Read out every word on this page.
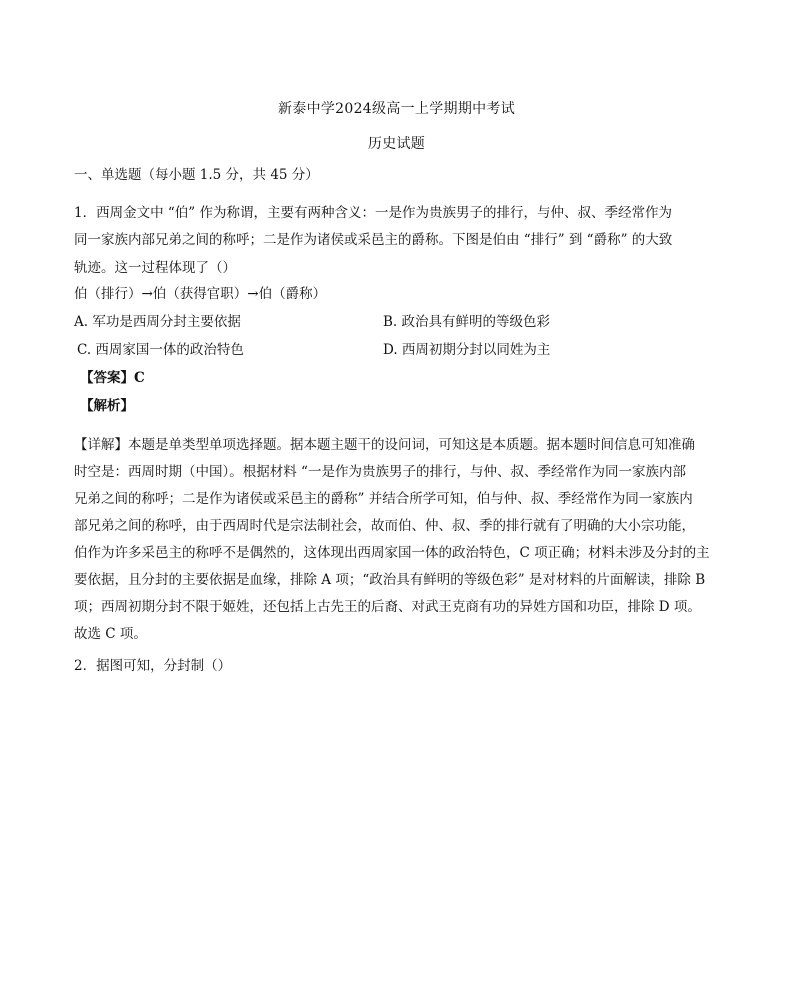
新泰中学2024级高一上学期期中考试
历史试题
一、单选题（每小题 1.5 分，共 45 分）
1．西周金文中 “伯” 作为称谓，主要有两种含义：一是作为贵族男子的排行，与仲、叔、季经常作为
同一家族内部兄弟之间的称呼；二是作为诸侯或采邑主的爵称。下图是伯由 “排行” 到 “爵称” 的大致
轨迹。这一过程体现了（）
伯（排行）→伯（获得官职）→伯（爵称）
A. 军功是西周分封主要依据	B. 政治具有鲜明的等级色彩
C. 西周家国一体的政治特色	D. 西周初期分封以同姓为主
【答案】C
【解析】
【详解】本题是单类型单项选择题。据本题主题干的设问词，可知这是本质题。据本题时间信息可知准确
时空是：西周时期（中国）。根据材料 “一是作为贵族男子的排行，与仲、叔、季经常作为同一家族内部
兄弟之间的称呼；二是作为诸侯或采邑主的爵称” 并结合所学可知，伯与仲、叔、季经常作为同一家族内
部兄弟之间的称呼，由于西周时代是宗法制社会，故而伯、仲、叔、季的排行就有了明确的大小宗功能，
伯作为许多采邑主的称呼不是偶然的，这体现出西周家国一体的政治特色，C 项正确；材料未涉及分封的主
要依据，且分封的主要依据是血缘，排除 A 项；“政治具有鲜明的等级色彩” 是对材料的片面解读，排除 B
项；西周初期分封不限于姬姓，还包括上古先王的后裔、对武王克商有功的异姓方国和功臣，排除 D 项。
故选 C 项。
2．据图可知，分封制（）
